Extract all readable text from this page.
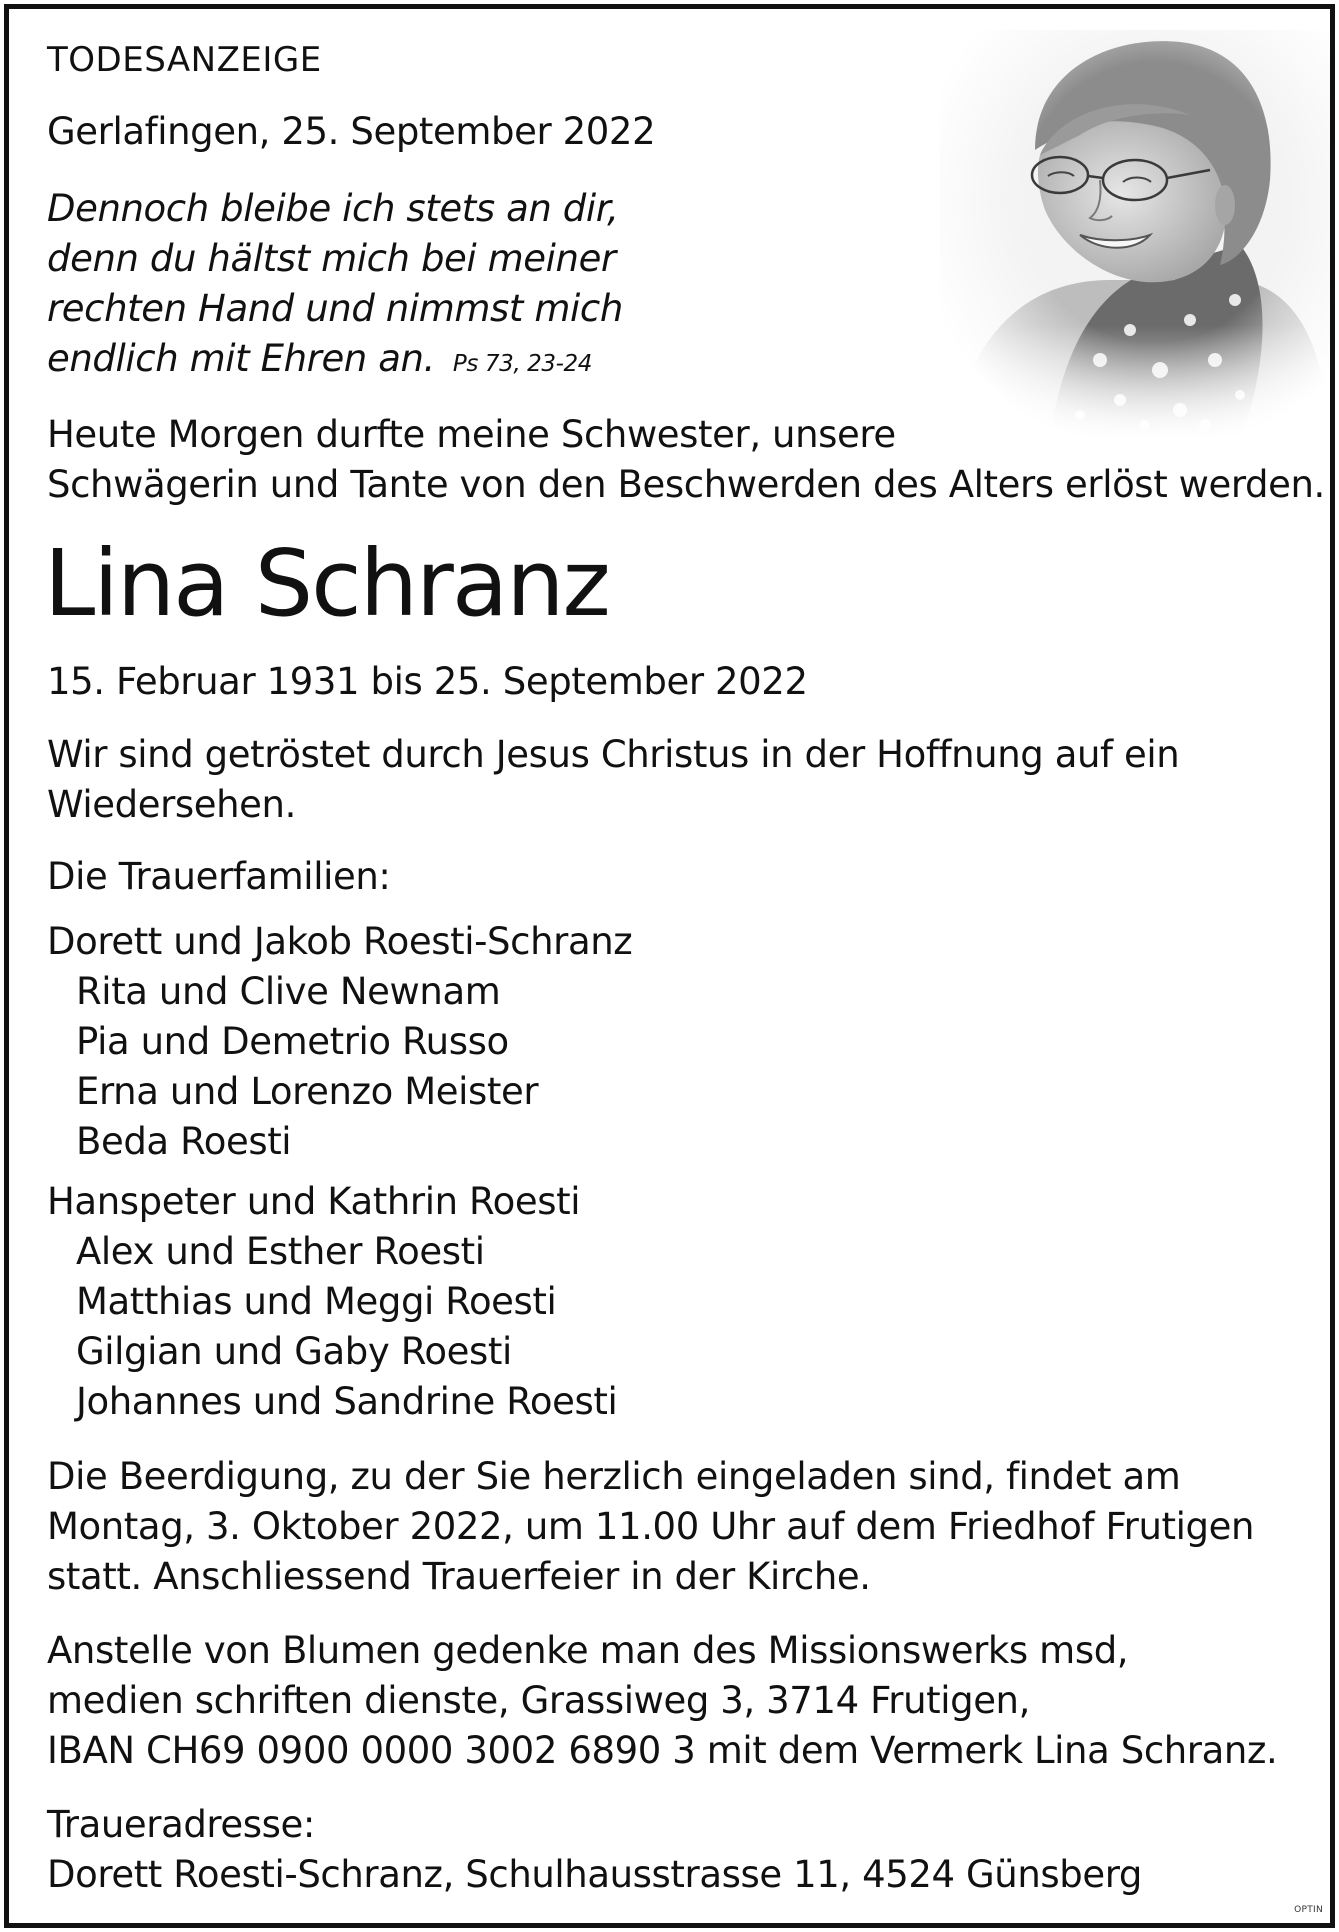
TODESANZEIGE

Gerlafingen, 25. September 2022

Dennoch bleibe ich stets an dir,
denn du hältst mich bei meiner
rechten Hand und nimmst mich
endlich mit Ehren an. Ps 73, 23-24

Heute Morgen durfte meine Schwester, unsere
Schwägerin und Tante von den Beschwerden des Alters erlöst werden.

Lina Schranz

15. Februar 1931 bis 25. September 2022

Wir sind getröstet durch Jesus Christus in der Hoffnung auf ein
Wiedersehen.

Die Trauerfamilien:

Dorett und Jakob Roesti-Schranz
Rita und Clive Newnam
Pia und Demetrio Russo
Erna und Lorenzo Meister
Beda Roesti
Hanspeter und Kathrin Roesti
Alex und Esther Roesti
Matthias und Meggi Roesti
Gilgian und Gaby Roesti
Johannes und Sandrine Roesti

Die Beerdigung, zu der Sie herzlich eingeladen sind, findet am
Montag, 3. Oktober 2022, um 11.00 Uhr auf dem Friedhof Frutigen
statt. Anschliessend Trauerfeier in der Kirche.

Anstelle von Blumen gedenke man des Missionswerks msd,
medien schriften dienste, Grassiweg 3, 3714 Frutigen,
IBAN CH69 0900 0000 3002 6890 3 mit dem Vermerk Lina Schranz.

Traueradresse:
Dorett Roesti-Schranz, Schulhausstrasse 11, 4524 Günsberg

OPTIN
